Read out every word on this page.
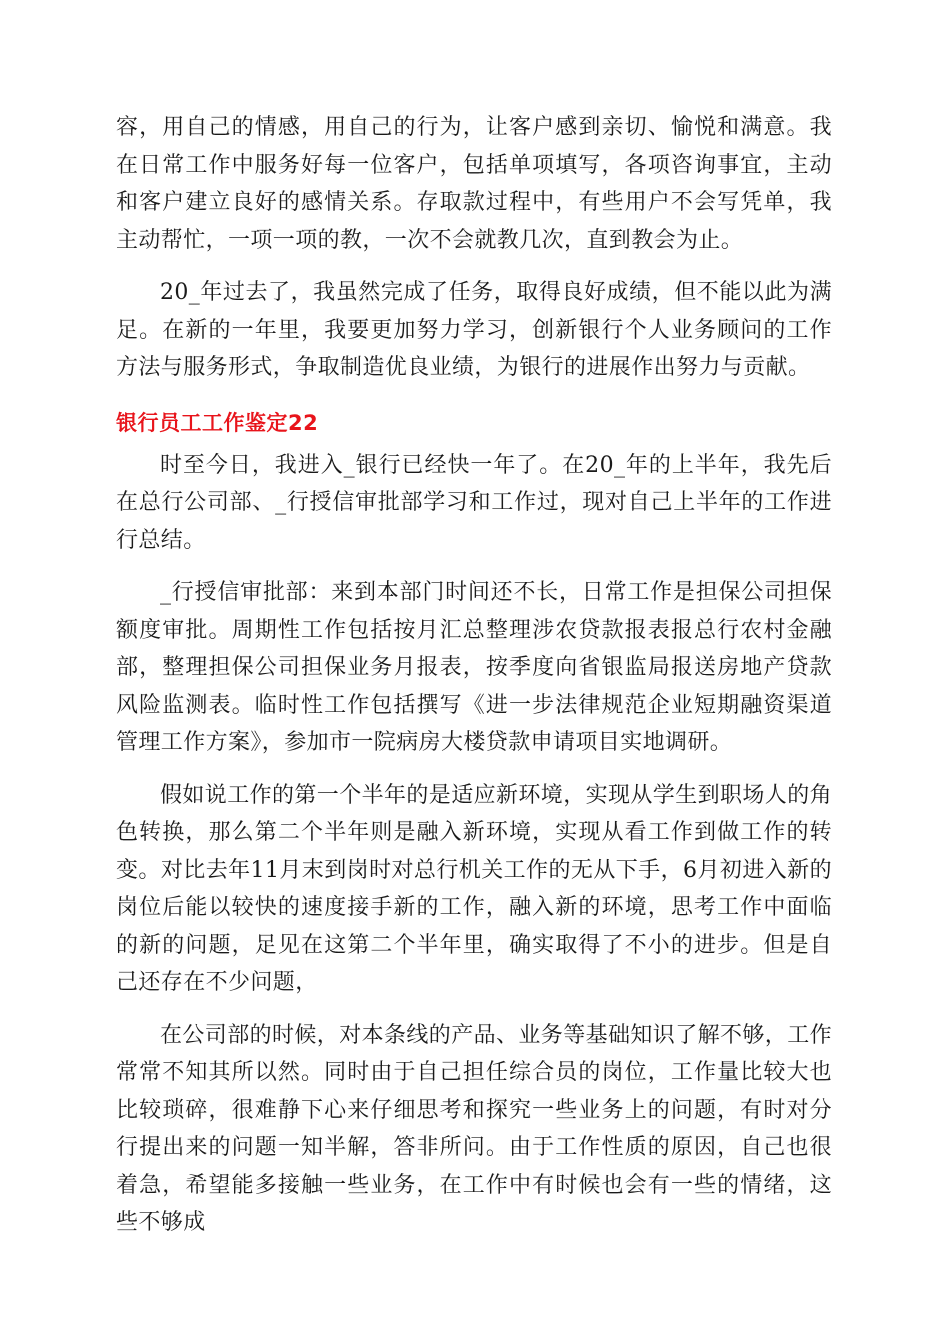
容，用自己的情感，用自己的行为，让客户感到亲切、愉悦和满意。我在日常工作中服务好每一位客户，包括单项填写，各项咨询事宜，主动和客户建立良好的感情关系。存取款过程中，有些用户不会写凭单，我主动帮忙，一项一项的教，一次不会就教几次，直到教会为止。

20_年过去了，我虽然完成了任务，取得良好成绩，但不能以此为满足。在新的一年里，我要更加努力学习，创新银行个人业务顾问的工作方法与服务形式，争取制造优良业绩，为银行的进展作出努力与贡献。

银行员工工作鉴定22

时至今日，我进入_银行已经快一年了。在20_年的上半年，我先后在总行公司部、_行授信审批部学习和工作过，现对自己上半年的工作进行总结。

_行授信审批部：来到本部门时间还不长，日常工作是担保公司担保额度审批。周期性工作包括按月汇总整理涉农贷款报表报总行农村金融部，整理担保公司担保业务月报表，按季度向省银监局报送房地产贷款风险监测表。临时性工作包括撰写《进一步法律规范企业短期融资渠道管理工作方案》，参加市一院病房大楼贷款申请项目实地调研。

假如说工作的第一个半年的是适应新环境，实现从学生到职场人的角色转换，那么第二个半年则是融入新环境，实现从看工作到做工作的转变。对比去年11月末到岗时对总行机关工作的无从下手，6月初进入新的岗位后能以较快的速度接手新的工作，融入新的环境，思考工作中面临的新的问题，足见在这第二个半年里，确实取得了不小的进步。但是自己还存在不少问题，

在公司部的时候，对本条线的产品、业务等基础知识了解不够，工作常常不知其所以然。同时由于自己担任综合员的岗位，工作量比较大也比较琐碎，很难静下心来仔细思考和探究一些业务上的问题，有时对分行提出来的问题一知半解，答非所问。由于工作性质的原因，自己也很着急，希望能多接触一些业务，在工作中有时候也会有一些的情绪，这些不够成
